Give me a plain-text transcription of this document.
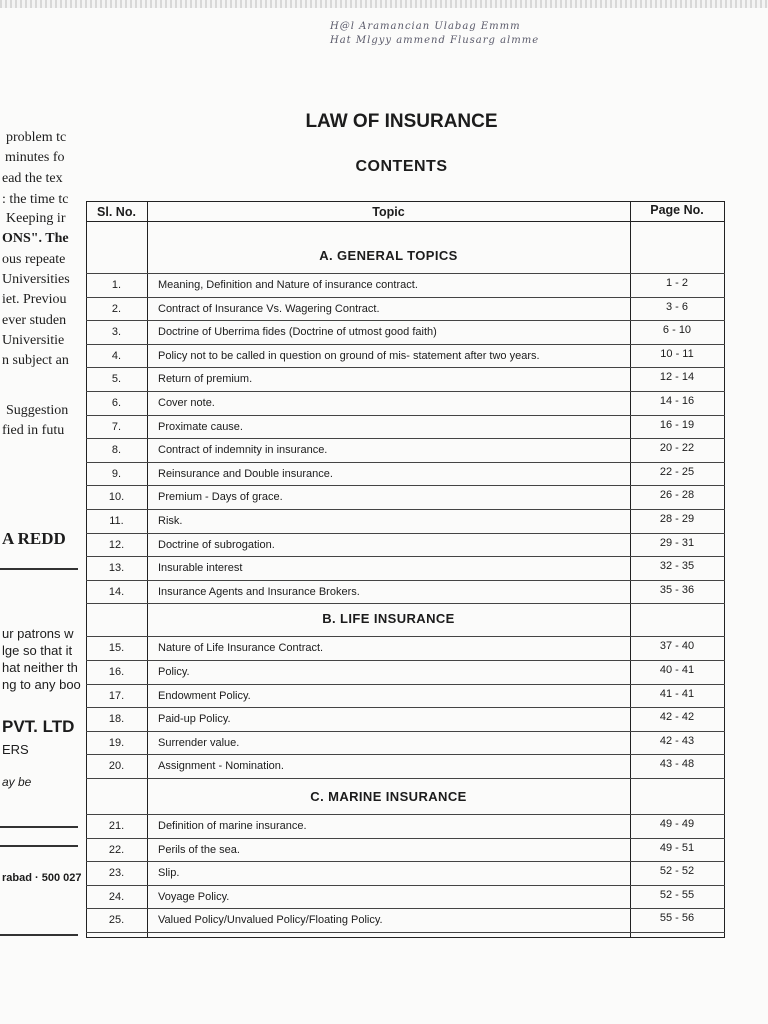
H@l Aramancian Ulabag Emmm
Hat Mlgyy ammend Flusarg almme
problem tc
minutes fo
ead the tex
: the time tc
Keeping ir
ONS". The
ous repeate
Universities
iet. Previou
ever studen
Universitie
n subject an
Suggestion
fied in futu
A REDD
ur patrons w
lge so that it
hat neither th
ng to any boo
PVT. LTD
ERS
ay be
rabad · 500 027
LAW OF INSURANCE
CONTENTS
Sl. No.	Topic	Page No.
A. GENERAL TOPICS
1.	Meaning, Definition and Nature of insurance contract.	1 - 2
2.	Contract of Insurance Vs. Wagering Contract.	3 - 6
3.	Doctrine of Uberrima fides (Doctrine of utmost good faith)	6 - 10
4.	Policy not to be called in question on ground of mis- statement after two years.	10 - 11
5.	Return of premium.	12 - 14
6.	Cover note.	14 - 16
7.	Proximate cause.	16 - 19
8.	Contract of indemnity in insurance.	20 - 22
9.	Reinsurance and Double insurance.	22 - 25
10.	Premium - Days of grace.	26 - 28
11.	Risk.	28 - 29
12.	Doctrine of subrogation.	29 - 31
13.	Insurable interest	32 - 35
14.	Insurance Agents and Insurance Brokers.	35 - 36
B. LIFE INSURANCE
15.	Nature of Life Insurance Contract.	37 - 40
16.	Policy.	40 - 41
17.	Endowment Policy.	41 - 41
18.	Paid-up Policy.	42 - 42
19.	Surrender value.	42 - 43
20.	Assignment - Nomination.	43 - 48
C. MARINE INSURANCE
21.	Definition of marine insurance.	49 - 49
22.	Perils of the sea.	49 - 51
23.	Slip.	52 - 52
24.	Voyage Policy.	52 - 55
25.	Valued Policy/Unvalued Policy/Floating Policy.	55 - 56
